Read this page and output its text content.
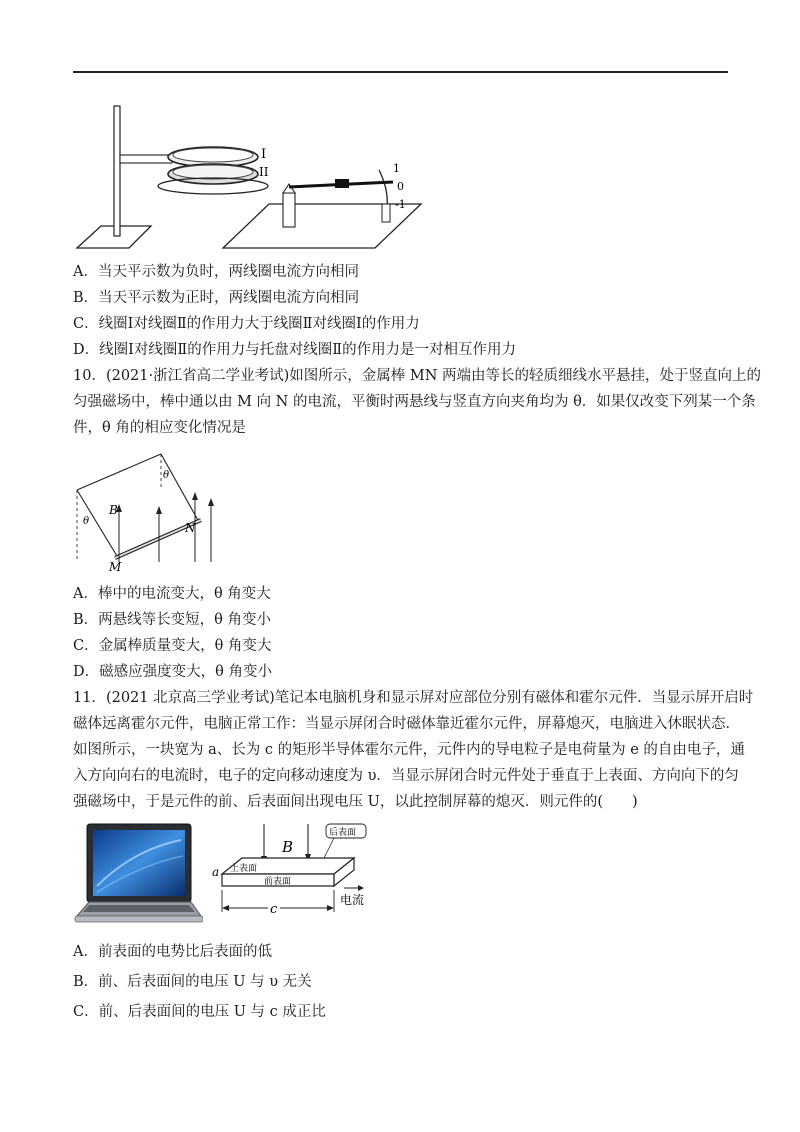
I
II	1
0
-1
A．当天平示数为负时，两线圈电流方向相同
B．当天平示数为正时，两线圈电流方向相同
C．线圈Ⅰ对线圈Ⅱ的作用力大于线圈Ⅱ对线圈Ⅰ的作用力
D．线圈Ⅰ对线圈Ⅱ的作用力与托盘对线圈Ⅱ的作用力是一对相互作用力
10．(2021·浙江省高二学业考试)如图所示，金属棒 MN 两端由等长的轻质细线水平悬挂，处于竖直向上的
匀强磁场中，棒中通以由 M 向 N 的电流，平衡时两悬线与竖直方向夹角均为 θ．如果仅改变下列某一个条
件，θ 角的相应变化情况是
B
M
N
θ
θ
A．棒中的电流变大，θ 角变大
B．两悬线等长变短，θ 角变小
C．金属棒质量变大，θ 角变大
D．磁感应强度变大，θ 角变小
11．(2021 北京高三学业考试)笔记本电脑机身和显示屏对应部位分别有磁体和霍尔元件．当显示屏开启时
磁体远离霍尔元件，电脑正常工作：当显示屏闭合时磁体靠近霍尔元件，屏幕熄灭，电脑进入休眠状态．
如图所示，一块宽为 a、长为 c 的矩形半导体霍尔元件，元件内的导电粒子是电荷量为 e 的自由电子，通
入方向向右的电流时，电子的定向移动速度为 υ．当显示屏闭合时元件处于垂直于上表面、方向向下的匀
强磁场中，于是元件的前、后表面间出现电压 U，以此控制屏幕的熄灭．则元件的(　　)
B
后表面
上表面
前表面
a
电流
c
A．前表面的电势比后表面的低
B．前、后表面间的电压 U 与 υ 无关
C．前、后表面间的电压 U 与 c 成正比
